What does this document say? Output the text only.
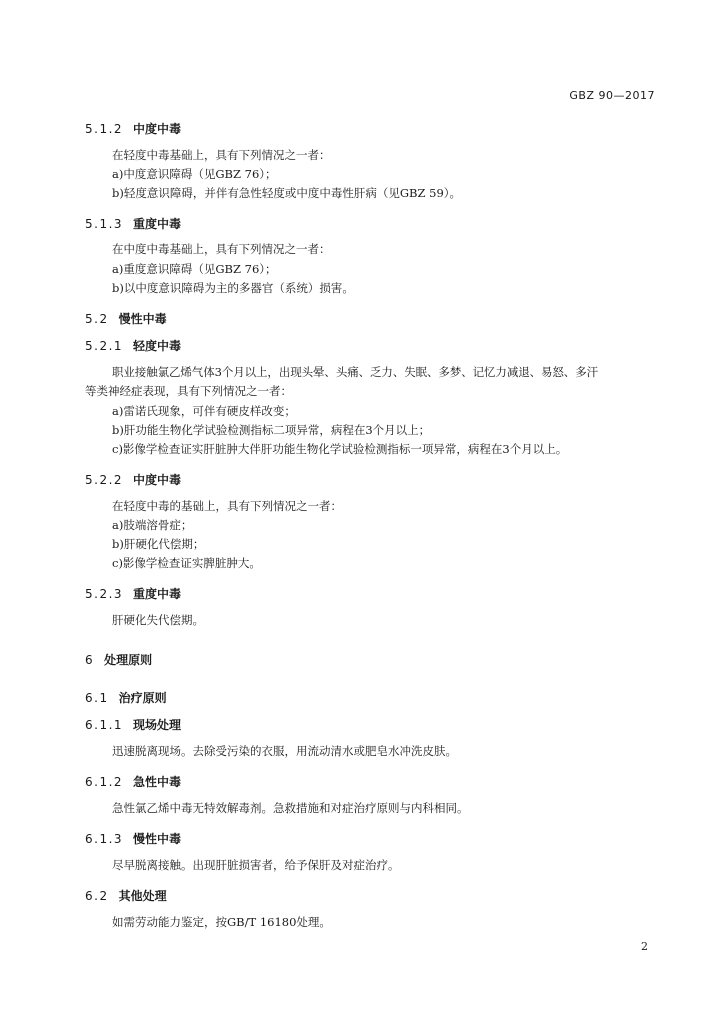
GBZ 90—2017
5.1.2 中度中毒
在轻度中毒基础上，具有下列情况之一者：
a)中度意识障碍（见GBZ 76）；
b)轻度意识障碍，并伴有急性轻度或中度中毒性肝病（见GBZ 59）。
5.1.3 重度中毒
在中度中毒基础上，具有下列情况之一者：
a)重度意识障碍（见GBZ 76）；
b)以中度意识障碍为主的多器官（系统）损害。
5.2 慢性中毒
5.2.1 轻度中毒
职业接触氯乙烯气体3个月以上，出现头晕、头痛、乏力、失眠、多梦、记忆力减退、易怒、多汗
等类神经症表现，具有下列情况之一者：
a)雷诺氏现象，可伴有硬皮样改变；
b)肝功能生物化学试验检测指标二项异常，病程在3个月以上；
c)影像学检查证实肝脏肿大伴肝功能生物化学试验检测指标一项异常，病程在3个月以上。
5.2.2 中度中毒
在轻度中毒的基础上，具有下列情况之一者：
a)肢端溶骨症；
b)肝硬化代偿期；
c)影像学检查证实脾脏肿大。
5.2.3 重度中毒
肝硬化失代偿期。
6 处理原则
6.1 治疗原则
6.1.1 现场处理
迅速脱离现场。去除受污染的衣服，用流动清水或肥皂水冲洗皮肤。
6.1.2 急性中毒
急性氯乙烯中毒无特效解毒剂。急救措施和对症治疗原则与内科相同。
6.1.3 慢性中毒
尽早脱离接触。出现肝脏损害者，给予保肝及对症治疗。
6.2 其他处理
如需劳动能力鉴定，按GB/T 16180处理。
2
